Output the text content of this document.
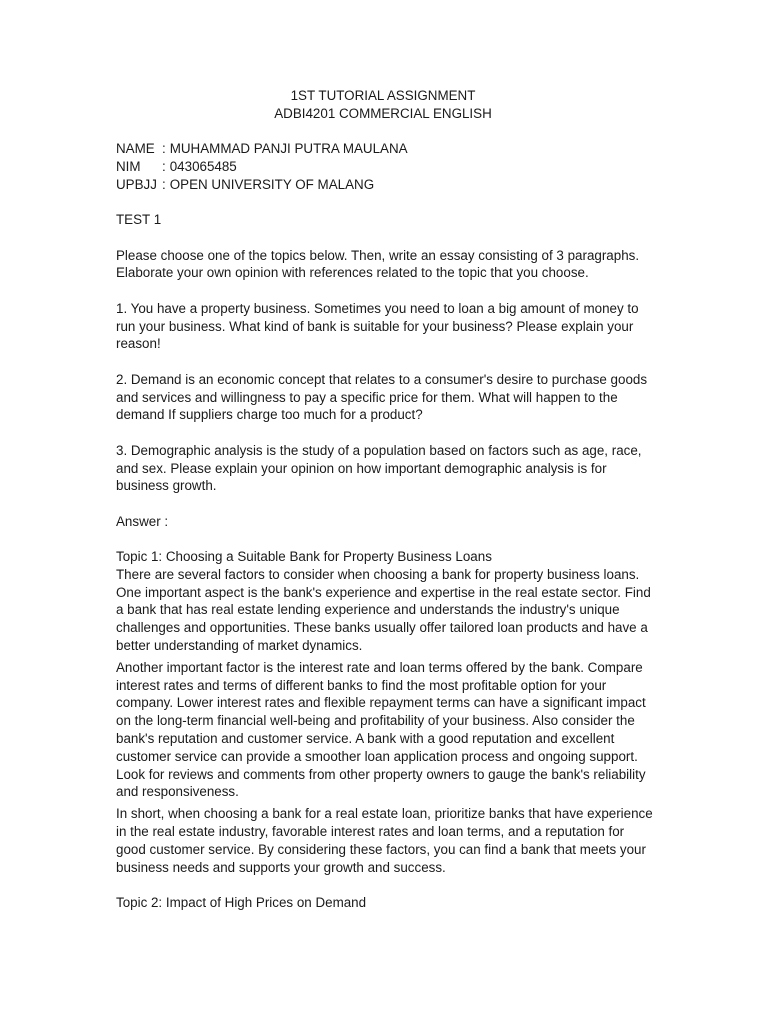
1ST TUTORIAL ASSIGNMENT

ADBI4201 COMMERCIAL ENGLISH

NAME : MUHAMMAD PANJI PUTRA MAULANA
NIM	: 043065485
UPBJJ : OPEN UNIVERSITY OF MALANG

TEST 1

Please choose one of the topics below. Then, write an essay consisting of 3 paragraphs. Elaborate your own opinion with references related to the topic that you choose.

1. You have a property business. Sometimes you need to loan a big amount of money to run your business. What kind of bank is suitable for your business? Please explain your reason!

2. Demand is an economic concept that relates to a consumer's desire to purchase goods and services and willingness to pay a specific price for them. What will happen to the demand If suppliers charge too much for a product?

3. Demographic analysis is the study of a population based on factors such as age, race, and sex. Please explain your opinion on how important demographic analysis is for business growth.

Answer :

Topic 1: Choosing a Suitable Bank for Property Business Loans

There are several factors to consider when choosing a bank for property business loans. One important aspect is the bank's experience and expertise in the real estate sector. Find a bank that has real estate lending experience and understands the industry's unique challenges and opportunities. These banks usually offer tailored loan products and have a better understanding of market dynamics.

Another important factor is the interest rate and loan terms offered by the bank. Compare interest rates and terms of different banks to find the most profitable option for your company. Lower interest rates and flexible repayment terms can have a significant impact on the long-term financial well-being and profitability of your business. Also consider the bank's reputation and customer service. A bank with a good reputation and excellent customer service can provide a smoother loan application process and ongoing support. Look for reviews and comments from other property owners to gauge the bank's reliability and responsiveness.

In short, when choosing a bank for a real estate loan, prioritize banks that have experience in the real estate industry, favorable interest rates and loan terms, and a reputation for good customer service. By considering these factors, you can find a bank that meets your business needs and supports your growth and success.

Topic 2: Impact of High Prices on Demand
